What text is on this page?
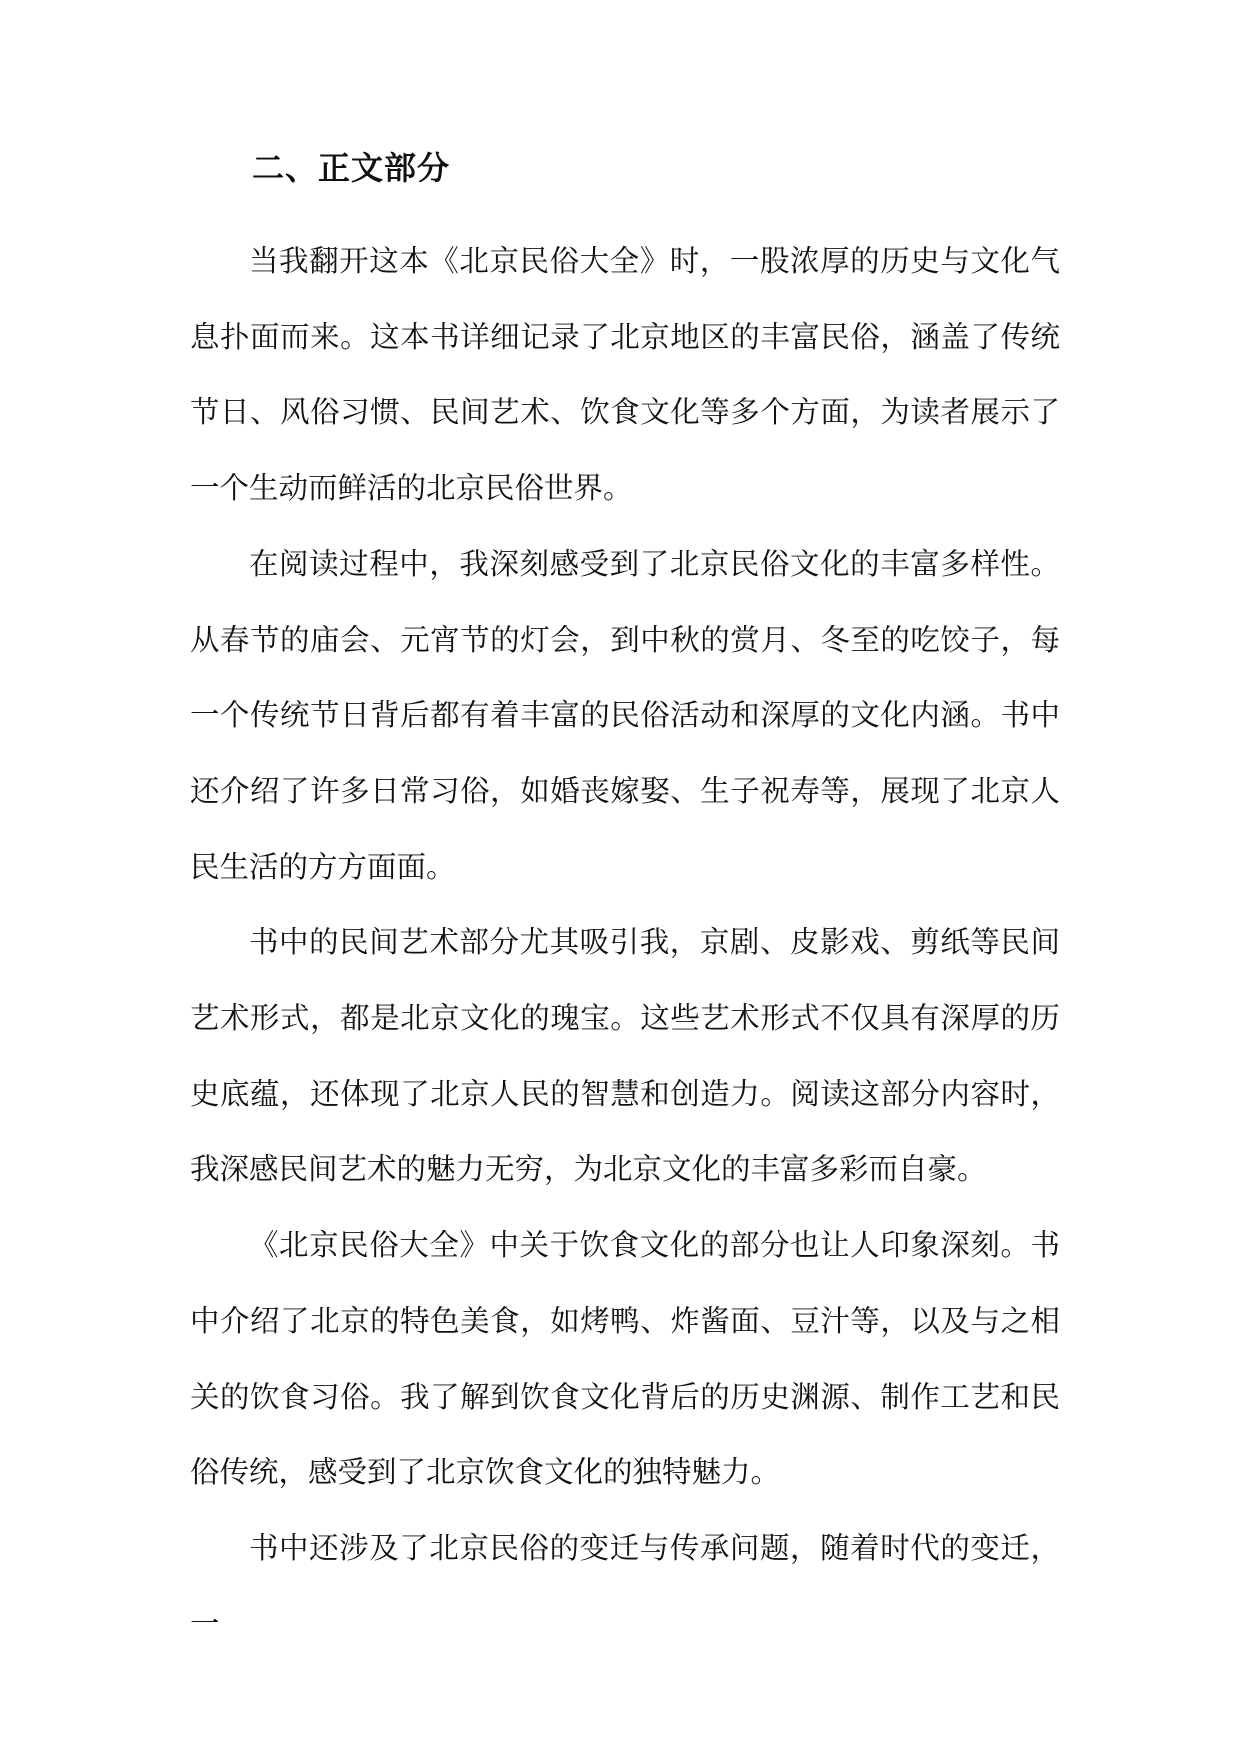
二、正文部分

当我翻开这本《北京民俗大全》时，一股浓厚的历史与文化气息扑面而来。这本书详细记录了北京地区的丰富民俗，涵盖了传统节日、风俗习惯、民间艺术、饮食文化等多个方面，为读者展示了一个生动而鲜活的北京民俗世界。

在阅读过程中，我深刻感受到了北京民俗文化的丰富多样性。从春节的庙会、元宵节的灯会，到中秋的赏月、冬至的吃饺子，每一个传统节日背后都有着丰富的民俗活动和深厚的文化内涵。书中还介绍了许多日常习俗，如婚丧嫁娶、生子祝寿等，展现了北京人民生活的方方面面。

书中的民间艺术部分尤其吸引我，京剧、皮影戏、剪纸等民间艺术形式，都是北京文化的瑰宝。这些艺术形式不仅具有深厚的历史底蕴，还体现了北京人民的智慧和创造力。阅读这部分内容时，我深感民间艺术的魅力无穷，为北京文化的丰富多彩而自豪。

《北京民俗大全》中关于饮食文化的部分也让人印象深刻。书中介绍了北京的特色美食，如烤鸭、炸酱面、豆汁等，以及与之相关的饮食习俗。我了解到饮食文化背后的历史渊源、制作工艺和民俗传统，感受到了北京饮食文化的独特魅力。

书中还涉及了北京民俗的变迁与传承问题，随着时代的变迁，一
